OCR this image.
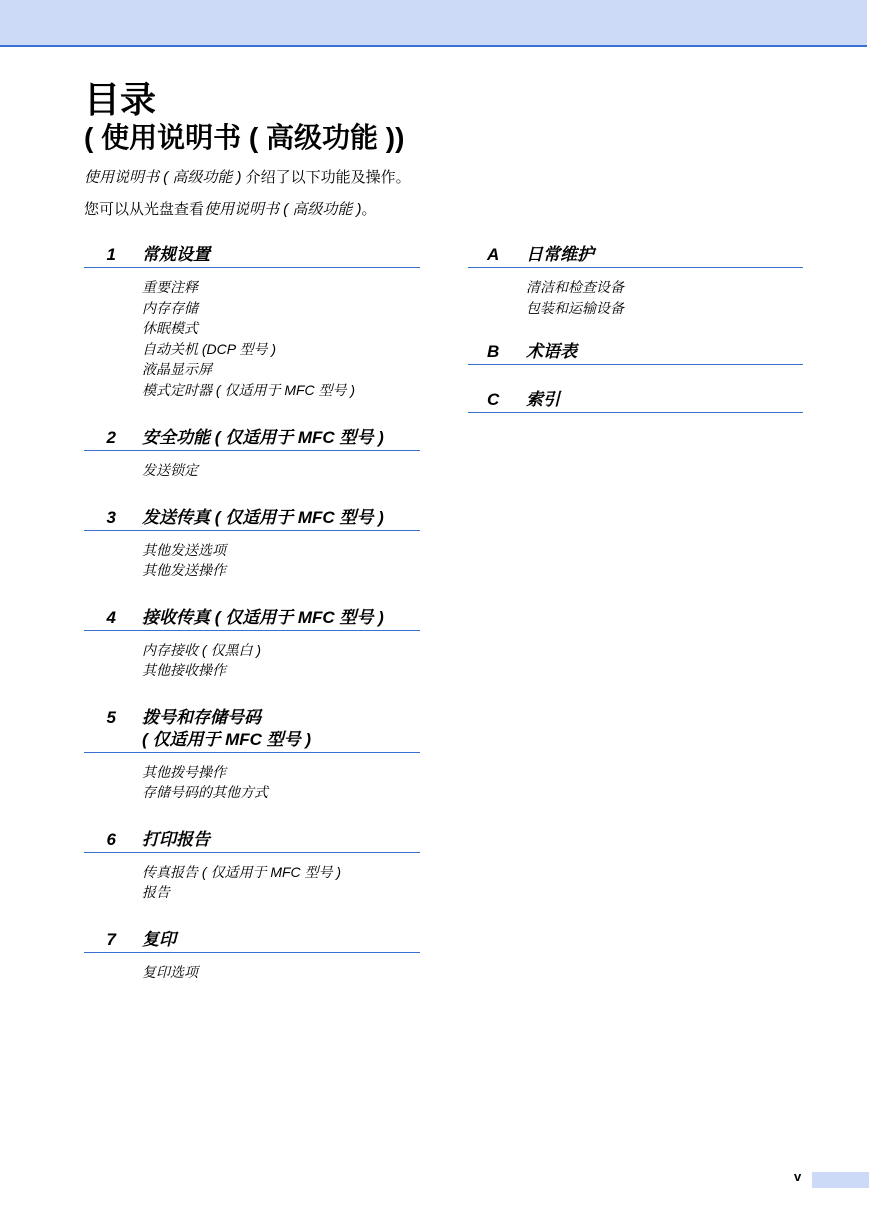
目录
( 使用说明书 ( 高级功能 ))
使用说明书 ( 高级功能 ) 介绍了以下功能及操作。
您可以从光盘查看使用说明书 ( 高级功能 )。
1 常规设置
重要注释
内存存储
休眠模式
自动关机 (DCP 型号 )
液晶显示屏
模式定时器 ( 仅适用于 MFC 型号 )
2 安全功能 ( 仅适用于 MFC 型号 )
发送锁定
3 发送传真 ( 仅适用于 MFC 型号 )
其他发送选项
其他发送操作
4 接收传真 ( 仅适用于 MFC 型号 )
内存接收 ( 仅黑白 )
其他接收操作
5 拨号和存储号码
( 仅适用于 MFC 型号 )
其他拨号操作
存储号码的其他方式
6 打印报告
传真报告 ( 仅适用于 MFC 型号 )
报告
7 复印
复印选项
A 日常维护
清洁和检查设备
包装和运输设备
B 术语表
C 索引
v
